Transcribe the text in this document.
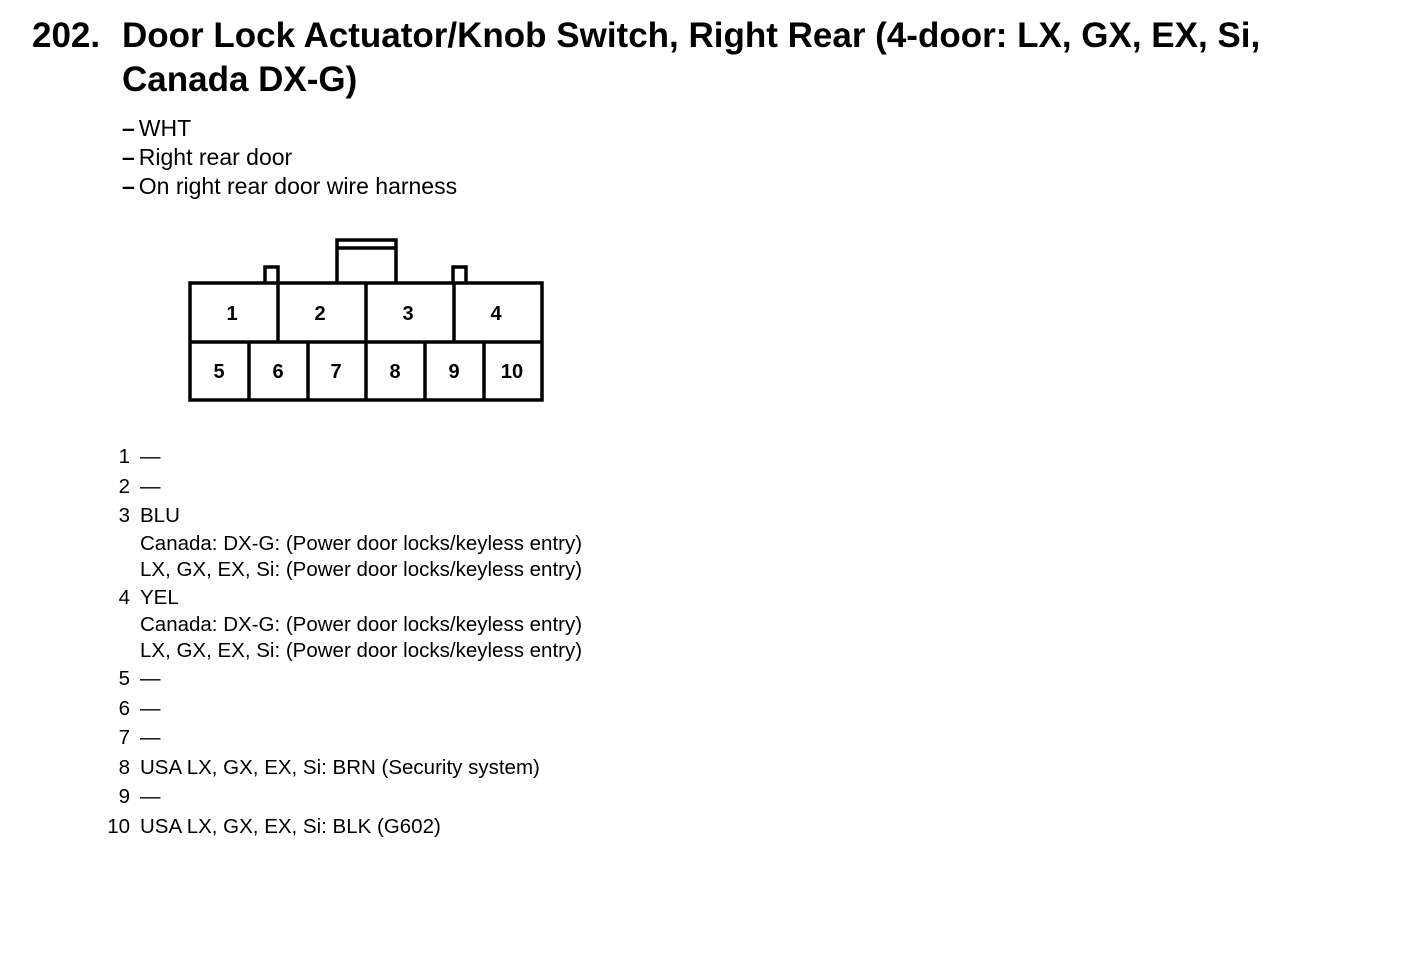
202. Door Lock Actuator/Knob Switch, Right Rear (4-door: LX, GX, EX, Si,
Canada DX-G)
– WHT
– Right rear door
– On right rear door wire harness
1	2	3	4
5 6 7 8 9 10
1 —
2 —
3 BLU
Canada: DX-G: (Power door locks/keyless entry)
LX, GX, EX, Si: (Power door locks/keyless entry)
4 YEL
Canada: DX-G: (Power door locks/keyless entry)
LX, GX, EX, Si: (Power door locks/keyless entry)
5 —
6 —
7 —
8 USA LX, GX, EX, Si: BRN (Security system)
9 —
10 USA LX, GX, EX, Si: BLK (G602)
